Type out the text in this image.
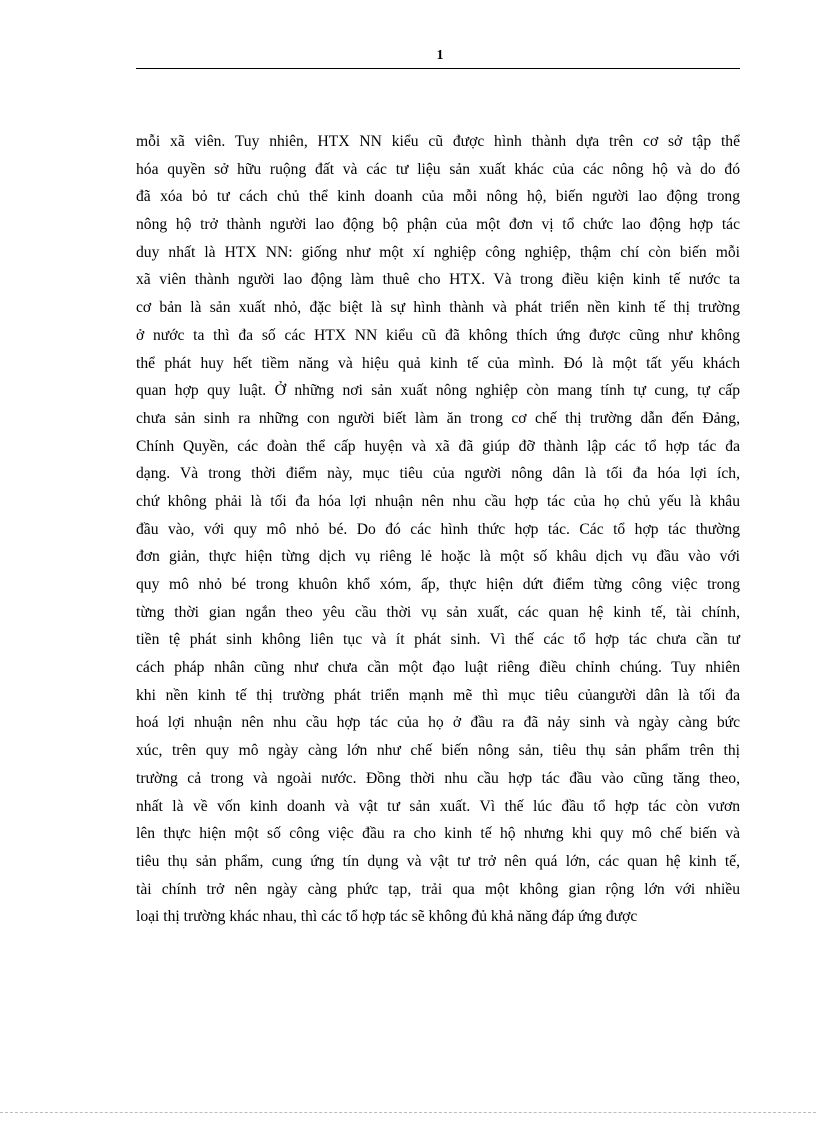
1
mỗi xã viên. Tuy nhiên, HTX NN kiểu cũ được hình thành dựa trên cơ sở tập thể
hóa quyền sở hữu ruộng đất và các tư liệu sản xuất khác của các nông hộ và do đó
đã xóa bỏ tư cách chủ thể kinh doanh của mỗi nông hộ, biến người lao động trong
nông hộ trở thành người lao động bộ phận của một đơn vị tổ chức lao động hợp tác
duy nhất là HTX NN: giống như một xí nghiệp công nghiệp, thậm chí còn biến mỗi
xã viên thành người lao động làm thuê cho HTX. Và trong điều kiện kinh tế nước ta
cơ bản là sản xuất nhỏ, đặc biệt là sự hình thành và phát triển nền kinh tế thị trường
ở nước ta thì đa số các HTX NN kiểu cũ đã không thích ứng được cũng như không
thể phát huy hết tiềm năng và hiệu quả kinh tế của mình. Đó là một tất yếu khách
quan hợp quy luật. Ở những nơi sản xuất nông nghiệp còn mang tính tự cung, tự cấp
chưa sản sinh ra những con người biết làm ăn trong cơ chế thị trường dẫn đến Đảng,
Chính Quyền, các đoàn thể cấp huyện và xã đã giúp đỡ thành lập các tổ hợp tác đa
dạng. Và trong thời điểm này, mục tiêu của người nông dân là tối đa hóa lợi ích,
chứ không phải là tối đa hóa lợi nhuận nên nhu cầu hợp tác của họ chủ yếu là khâu
đầu vào, với quy mô nhỏ bé. Do đó các hình thức hợp tác. Các tổ hợp tác thường
đơn giản, thực hiện từng dịch vụ riêng lẻ hoặc là một số khâu dịch vụ đầu vào với
quy mô nhỏ bé trong khuôn khổ xóm, ấp, thực hiện dứt điểm từng công việc trong
từng thời gian ngắn theo yêu cầu thời vụ sản xuất, các quan hệ kinh tế, tài chính,
tiền tệ phát sinh không liên tục và ít phát sinh. Vì thế các tổ hợp tác chưa cần tư
cách pháp nhân cũng như chưa cần một đạo luật riêng điều chỉnh chúng. Tuy nhiên
khi nền kinh tế thị trường phát triển mạnh mẽ thì mục tiêu củangười dân là tối đa
hoá lợi nhuận nên nhu cầu hợp tác của họ ở đầu ra đã nảy sinh và ngày càng bức
xúc, trên quy mô ngày càng lớn như chế biến nông sản, tiêu thụ sản phẩm trên thị
trường cả trong và ngoài nước. Đồng thời nhu cầu hợp tác đầu vào cũng tăng theo,
nhất là về vốn kinh doanh và vật tư sản xuất. Vì thế lúc đầu tổ hợp tác còn vươn
lên thực hiện một số công việc đầu ra cho kinh tế hộ nhưng khi quy mô chế biến và
tiêu thụ sản phẩm, cung ứng tín dụng và vật tư trở nên quá lớn, các quan hệ kinh tế,
tài chính trở nên ngày càng phức tạp, trải qua một không gian rộng lớn với nhiều
loại thị trường khác nhau, thì các tổ hợp tác sẽ không đủ khả năng đáp ứng được
